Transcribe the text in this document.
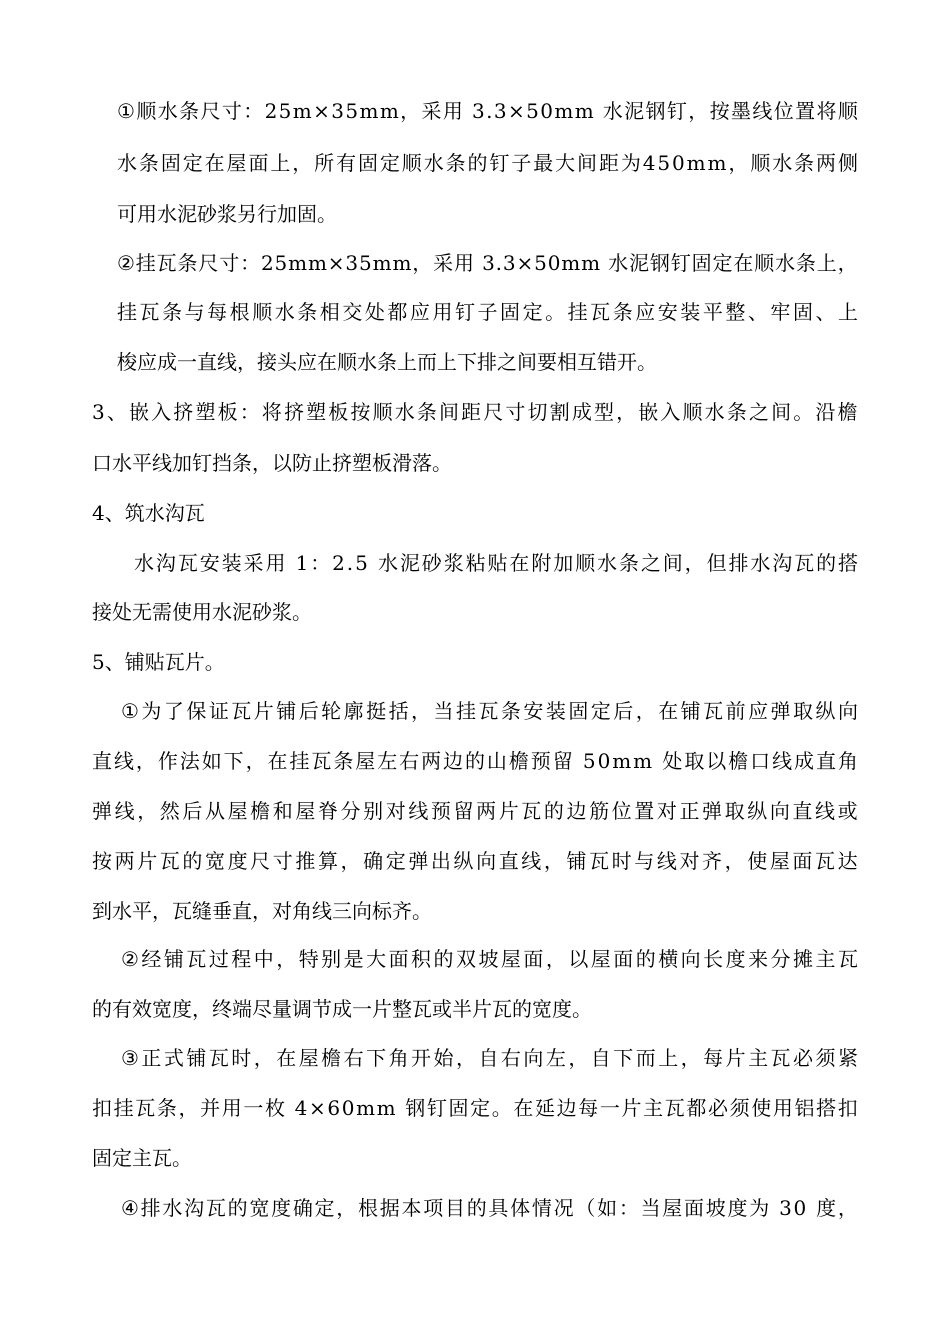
① 顺 水 条 尺 寸 ： 2 5 m × 3 5 m m ， 采 用
3 . 3 × 5 0 m m
水 泥 钢 钉 ， 按 墨 线 位 置 将 顺
水 条 固 定 在 屋 面 上 ， 所 有 固 定 顺 水 条 的 钉 子 最 大 间 距 为 4 5 0 m m ， 顺 水 条 两 侧
可用水泥砂浆另行加固。
② 挂 瓦 条 尺 寸 ： 2 5 m m × 3 5 m m ， 采 用
3 . 3 × 5 0 m m
水 泥 钢 钉 固 定 在 顺 水 条 上 ，
挂 瓦 条 与 每 根 顺 水 条 相 交 处 都 应 用 钉 子 固 定 。 挂 瓦 条 应 安 装 平 整 、 牢 固 、 上
梭应成一直线，接头应在顺水条上而上下排之间要相互错开。
3 、 嵌 入 挤 塑 板 ： 将 挤 塑 板 按 顺 水 条 间 距 尺 寸 切 割 成 型 ， 嵌 入 顺 水 条 之 间 。 沿 檐
口水平线加钉挡条，以防止挤塑板滑落。
4、筑水沟瓦
水 沟 瓦 安 装 采 用
1 ： 2 . 5
水 泥 砂 浆 粘 贴 在 附 加 顺 水 条 之 间 ， 但 排 水 沟 瓦 的 搭
接处无需使用水泥砂浆。
5、铺贴瓦片。
① 为 了 保 证 瓦 片 铺 后 轮 廓 挺 括 ， 当 挂 瓦 条 安 装 固 定 后 ， 在 铺 瓦 前 应 弹 取 纵 向
直 线 ， 作 法 如 下 ， 在 挂 瓦 条 屋 左 右 两 边 的 山 檐 预 留
5 0 m m
处 取 以 檐 口 线 成 直 角
弹 线 ， 然 后 从 屋 檐 和 屋 脊 分 别 对 线 预 留 两 片 瓦 的 边 筋 位 置 对 正 弹 取 纵 向 直 线 或
按 两 片 瓦 的 宽 度 尺 寸 推 算 ， 确 定 弹 出 纵 向 直 线 ， 铺 瓦 时 与 线 对 齐 ， 使 屋 面 瓦 达
到水平，瓦缝垂直，对角线三向标齐。
② 经 铺 瓦 过 程 中 ， 特 别 是 大 面 积 的 双 坡 屋 面 ， 以 屋 面 的 横 向 长 度 来 分 摊 主 瓦
的有效宽度，终端尽量调节成一片整瓦或半片瓦的宽度。
③ 正 式 铺 瓦 时 ， 在 屋 檐 右 下 角 开 始 ， 自 右 向 左 ， 自 下 而 上 ， 每 片 主 瓦 必 须 紧
扣 挂 瓦 条 ， 并 用 一 枚
4 × 6 0 m m
钢 钉 固 定 。 在 延 边 每 一 片 主 瓦 都 必 须 使 用 铝 搭 扣
固定主瓦。
④ 排 水 沟 瓦 的 宽 度 确 定 ， 根 据 本 项 目 的 具 体 情 况 （ 如 ： 当 屋 面 坡 度 为
3 0
度 ，
